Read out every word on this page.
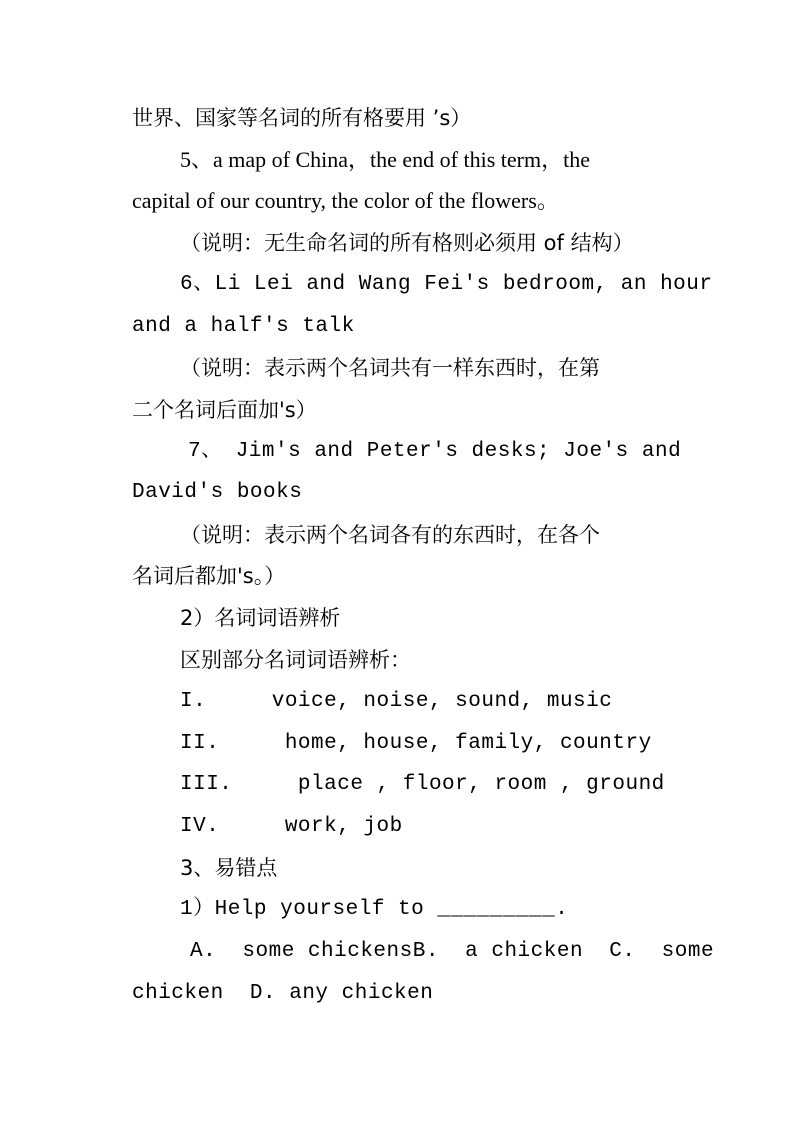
世界、国家等名词的所有格要用 ’s）
5、a map of China，the end of this term，the
capital of our country, the color of the flowers。
（说明：无生命名词的所有格则必须用 of 结构）
6、Li Lei and Wang Fei's bedroom, an hour
and a half's talk
（说明：表示两个名词共有一样东西时，在第
二个名词后面加's）
7、 Jim's and Peter's desks; Joe's and
David's books
（说明：表示两个名词各有的东西时，在各个
名词后都加's。）
2）名词词语辨析
区别部分名词词语辨析：
I.     voice, noise, sound, music
II.     home, house, family, country
III.     place , floor, room , ground
IV.     work, job
3、易错点
1）Help yourself to _________.
A.  some chickensB.  a chicken  C.  some
chicken  D. any chicken
